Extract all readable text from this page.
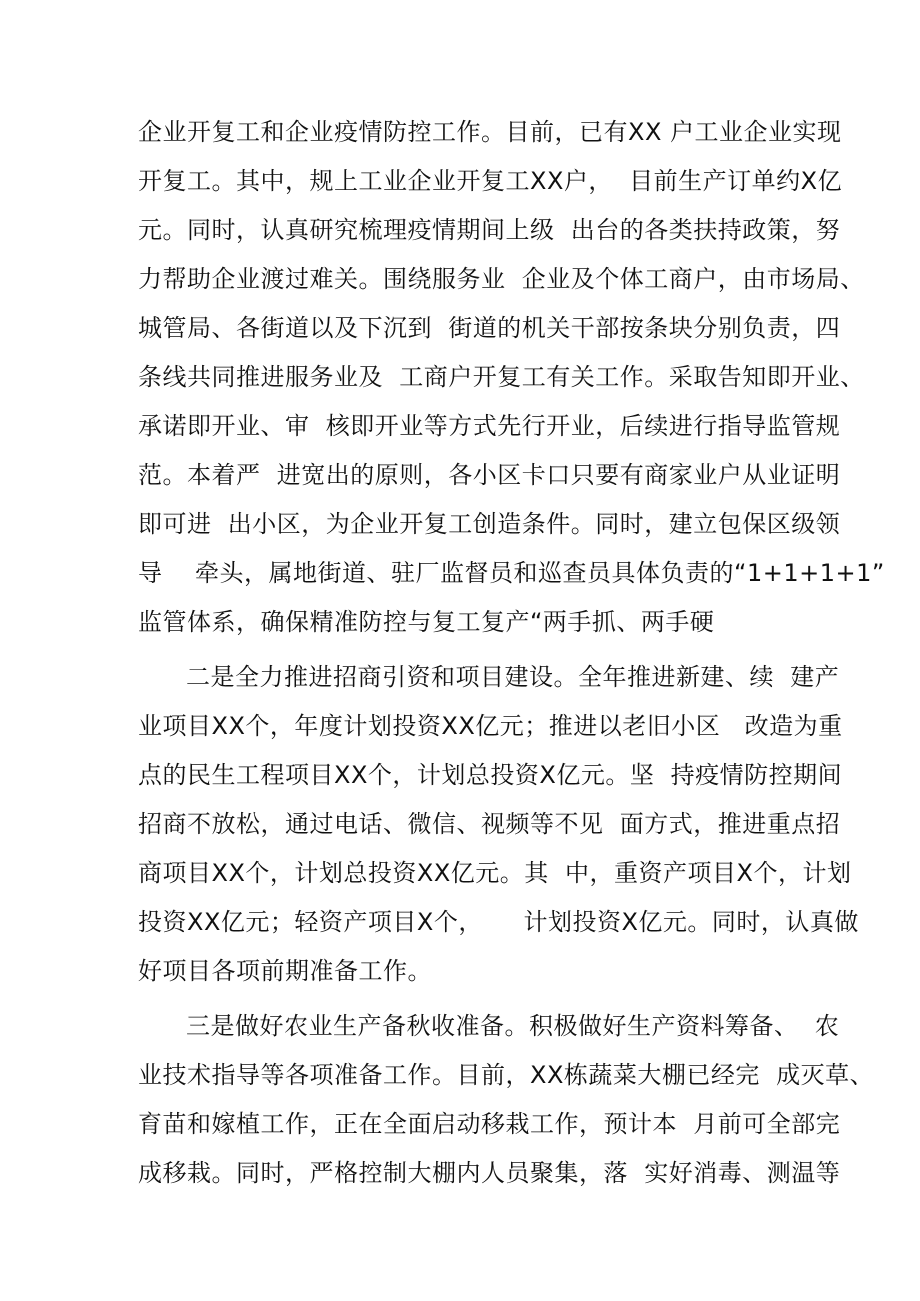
企业开复工和企业疫情防控工作。目前，已有XX 户工业企业实现
开复工。其中，规上工业企业开复工XX户，  目前生产订单约X亿
元。同时，认真研究梳理疫情期间上级  出台的各类扶持政策，努
力帮助企业渡过难关。围绕服务业  企业及个体工商户，由市场局、
城管局、各街道以及下沉到  街道的机关干部按条块分别负责，四
条线共同推进服务业及  工商户开复工有关工作。采取告知即开业、
承诺即开业、审  核即开业等方式先行开业，后续进行指导监管规
范。本着严  进宽出的原则，各小区卡口只要有商家业户从业证明
即可进  出小区，为企业开复工创造条件。同时，建立包保区级领
导    牵头，属地街道、驻厂监督员和巡查员具体负责的“1+1+1+1”
监管体系，确保精准防控与复工复产“两手抓、两手硬
二是全力推进招商引资和项目建设。全年推进新建、续  建产
业项目XX个，年度计划投资XX亿元；推进以老旧小区   改造为重
点的民生工程项目XX个，计划总投资X亿元。坚  持疫情防控期间
招商不放松，通过电话、微信、视频等不见  面方式，推进重点招
商项目XX个，计划总投资XX亿元。其  中，重资产项目X个，计划
投资XX亿元；轻资产项目X个，     计划投资X亿元。同时，认真做
好项目各项前期准备工作。
三是做好农业生产备秋收准备。积极做好生产资料筹备、  农
业技术指导等各项准备工作。目前，XX栋蔬菜大棚已经完  成灭草、
育苗和嫁植工作，正在全面启动移栽工作，预计本  月前可全部完
成移栽。同时，严格控制大棚内人员聚集，落  实好消毒、测温等
